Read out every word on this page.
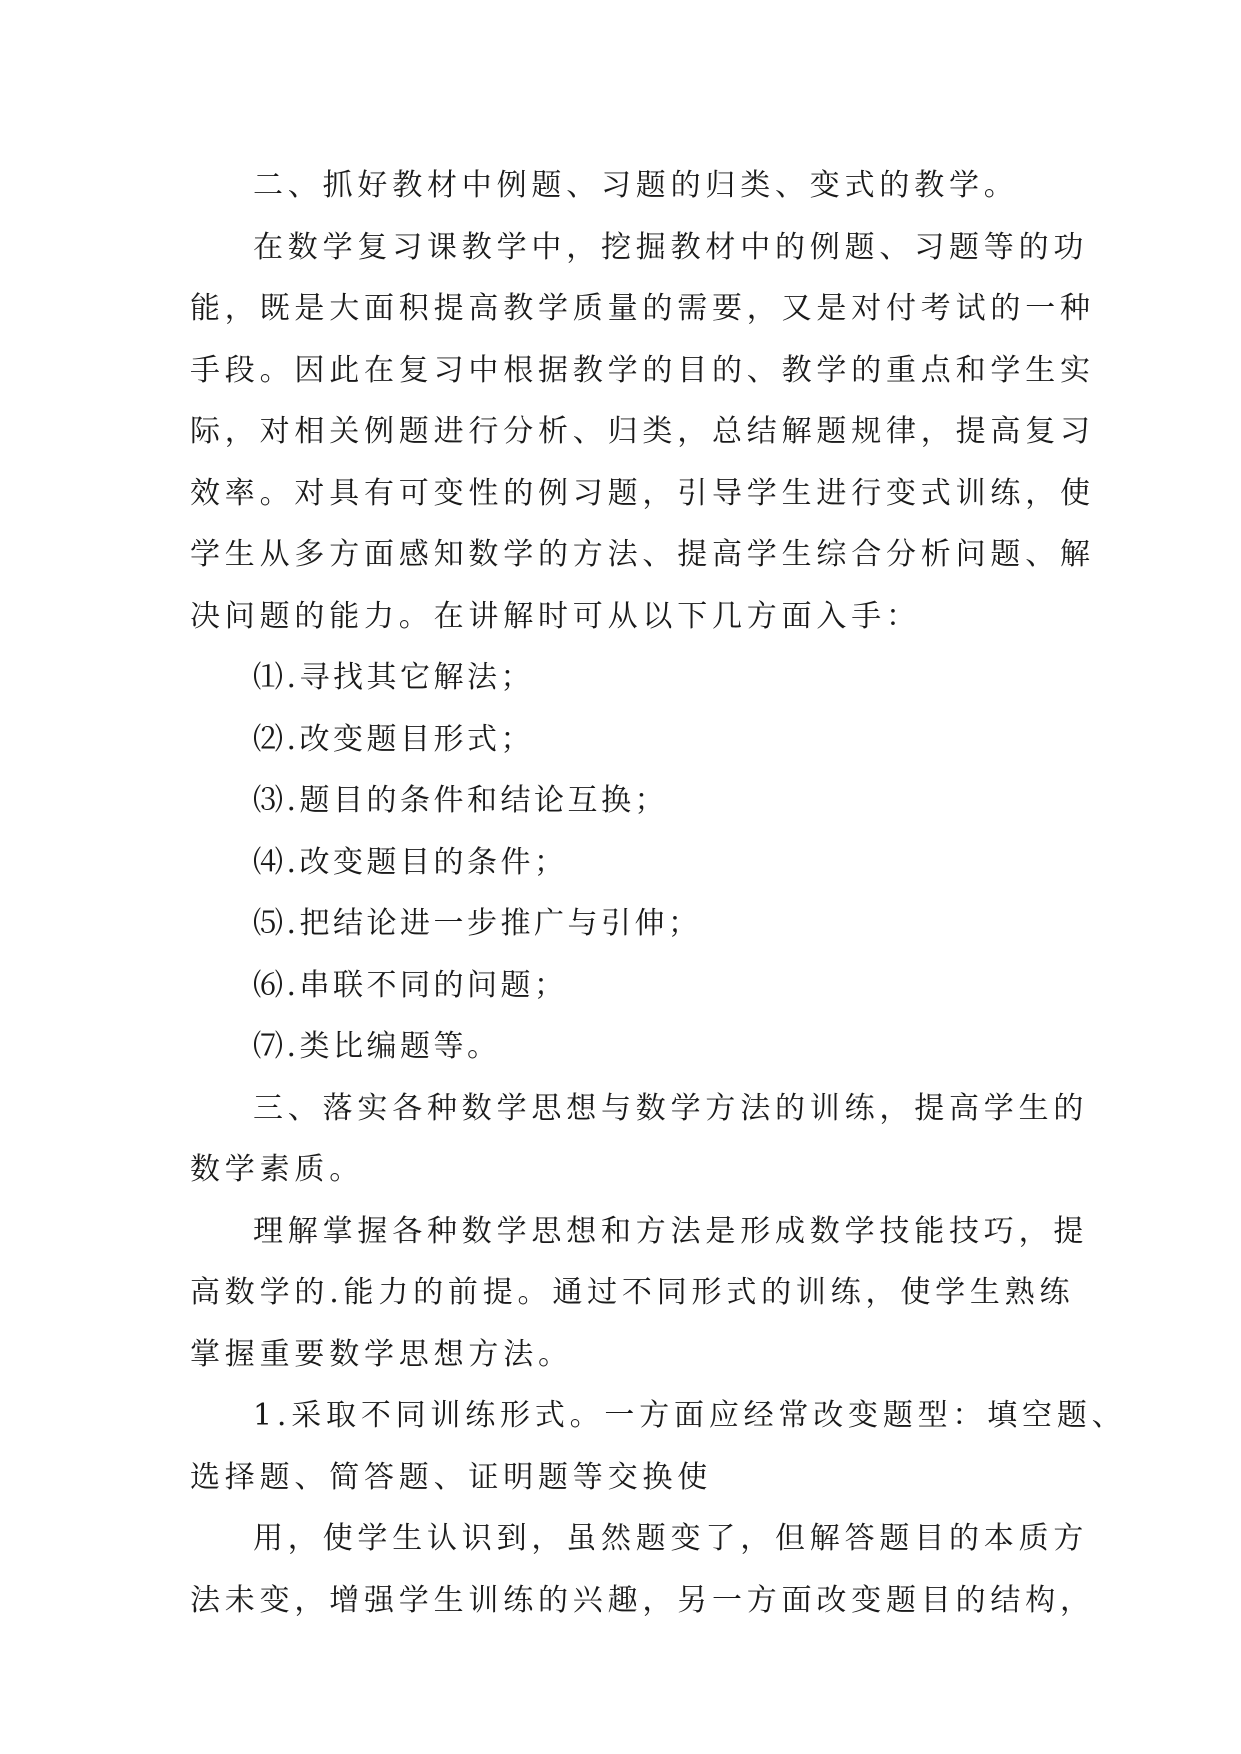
二、抓好教材中例题、习题的归类、变式的教学。
在数学复习课教学中，挖掘教材中的例题、习题等的功
能，既是大面积提高教学质量的需要，又是对付考试的一种
手段。因此在复习中根据教学的目的、教学的重点和学生实
际，对相关例题进行分析、归类，总结解题规律，提高复习
效率。对具有可变性的例习题，引导学生进行变式训练，使
学生从多方面感知数学的方法、提高学生综合分析问题、解
决问题的能力。在讲解时可从以下几方面入手：
⑴.寻找其它解法；
⑵.改变题目形式；
⑶.题目的条件和结论互换；
⑷.改变题目的条件；
⑸.把结论进一步推广与引伸；
⑹.串联不同的问题；
⑺.类比编题等。
三、落实各种数学思想与数学方法的训练，提高学生的
数学素质。
理解掌握各种数学思想和方法是形成数学技能技巧，提
高数学的.能力的前提。通过不同形式的训练，使学生熟练
掌握重要数学思想方法。
1.采取不同训练形式。一方面应经常改变题型：填空题、
选择题、简答题、证明题等交换使
用，使学生认识到，虽然题变了，但解答题目的本质方
法未变，增强学生训练的兴趣，另一方面改变题目的结构，
